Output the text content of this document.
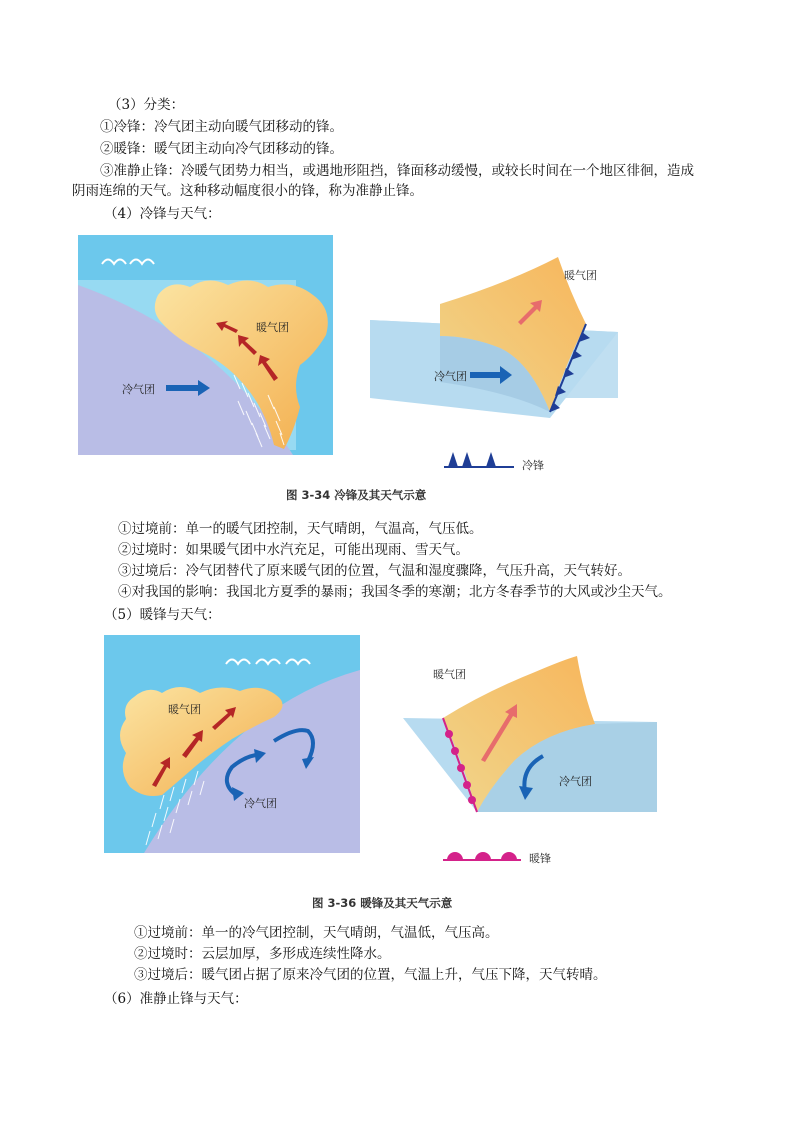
（3）分类：
①冷锋：冷气团主动向暖气团移动的锋。
②暖锋：暖气团主动向冷气团移动的锋。
③准静止锋：冷暖气团势力相当，或遇地形阻挡，锋面移动缓慢，或较长时间在一个地区徘徊，造成
阴雨连绵的天气。这种移动幅度很小的锋，称为准静止锋。
（4）冷锋与天气：
暖气团
冷气团
暖气团
冷气团
冷锋
图 3-34 冷锋及其天气示意
①过境前：单一的暖气团控制，天气晴朗，气温高，气压低。
②过境时：如果暖气团中水汽充足，可能出现雨、雪天气。
③过境后：冷气团替代了原来暖气团的位置，气温和湿度骤降，气压升高，天气转好。
④对我国的影响：我国北方夏季的暴雨；我国冬季的寒潮；北方冬春季节的大风或沙尘天气。
（5）暖锋与天气：
暖气团
冷气团
暖气团
冷气团
暖锋
图 3-36 暖锋及其天气示意
①过境前：单一的冷气团控制，天气晴朗，气温低，气压高。
②过境时：云层加厚，多形成连续性降水。
③过境后：暖气团占据了原来冷气团的位置，气温上升，气压下降，天气转晴。
（6）准静止锋与天气：
